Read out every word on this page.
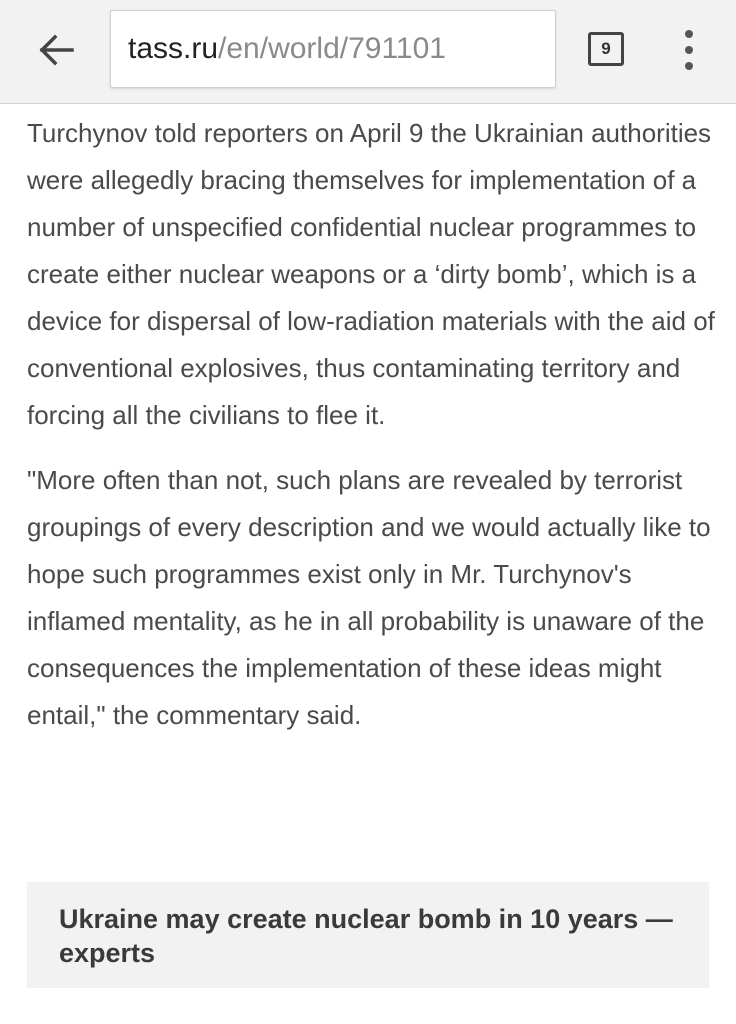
tass.ru /en/world/791101	9

Turchynov told reporters on April 9 the Ukrainian authorities were allegedly bracing themselves for implementation of a number of unspecified confidential nuclear programmes to create either nuclear weapons or a ‘dirty bomb’, which is a device for dispersal of low-radiation materials with the aid of conventional explosives, thus contaminating territory and forcing all the civilians to flee it.

"More often than not, such plans are revealed by terrorist groupings of every description and we would actually like to hope such programmes exist only in Mr. Turchynov's inflamed mentality, as he in all probability is unaware of the consequences the implementation of these ideas might entail," the commentary said.

Ukraine may create nuclear bomb in 10 years — experts
